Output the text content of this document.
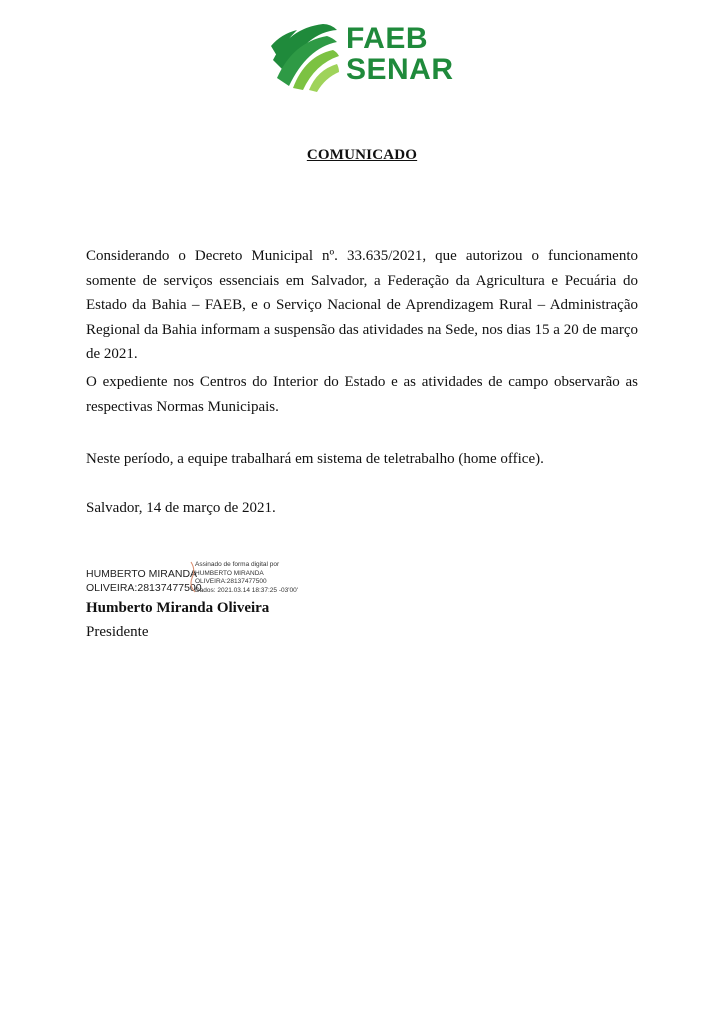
FAEB
SENAR
COMUNICADO

Considerando o Decreto Municipal nº. 33.635/2021, que autorizou o funcionamento somente de serviços essenciais em Salvador, a Federação da Agricultura e Pecuária do Estado da Bahia – FAEB, e o Serviço Nacional de Aprendizagem Rural – Administração Regional da Bahia informam a suspensão das atividades na Sede, nos dias 15 a 20 de março de 2021.

O expediente nos Centros do Interior do Estado e as atividades de campo observarão as respectivas Normas Municipais.

Neste período, a equipe trabalhará em sistema de teletrabalho (home office).

Salvador, 14 de março de 2021.

HUMBERTO MIRANDA
OLIVEIRA:28137477500
Assinado de forma digital por
HUMBERTO MIRANDA
OLIVEIRA:28137477500
Dados: 2021.03.14 18:37:25 -03'00'
Humberto Miranda Oliveira
Presidente
